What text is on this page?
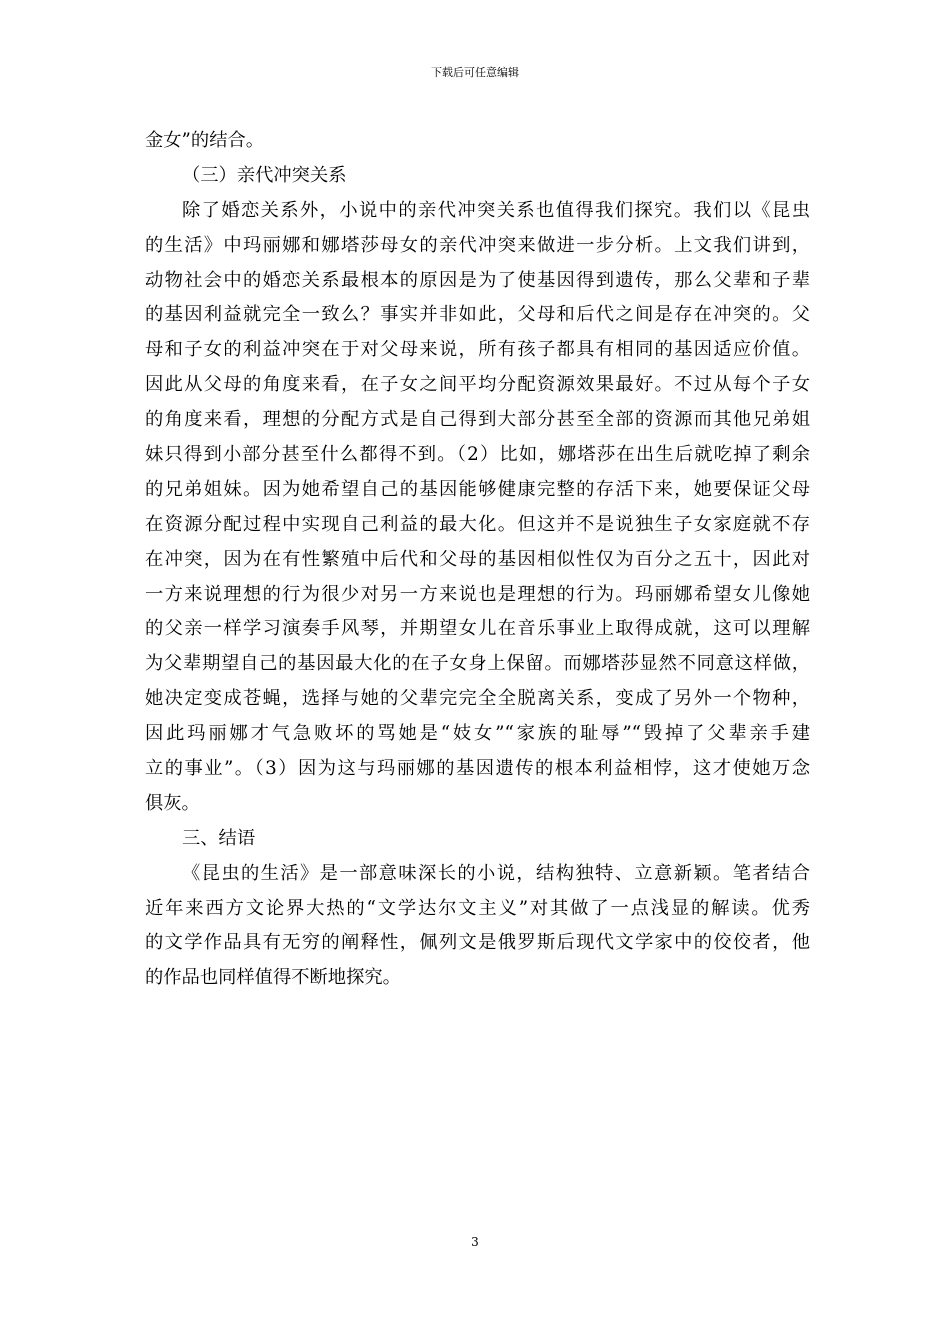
下载后可任意编辑
金女”的结合。
（三）亲代冲突关系
除了婚恋关系外，小说中的亲代冲突关系也值得我们探究。我们以《昆虫
的生活》中玛丽娜和娜塔莎母女的亲代冲突来做进一步分析。上文我们讲到，
动物社会中的婚恋关系最根本的原因是为了使基因得到遗传，那么父辈和子辈
的基因利益就完全一致么？事实并非如此，父母和后代之间是存在冲突的。父
母和子女的利益冲突在于对父母来说，所有孩子都具有相同的基因适应价值。
因此从父母的角度来看，在子女之间平均分配资源效果最好。不过从每个子女
的角度来看，理想的分配方式是自己得到大部分甚至全部的资源而其他兄弟姐
妹只得到小部分甚至什么都得不到。（2）比如，娜塔莎在出生后就吃掉了剩余
的兄弟姐妹。因为她希望自己的基因能够健康完整的存活下来，她要保证父母
在资源分配过程中实现自己利益的最大化。但这并不是说独生子女家庭就不存
在冲突，因为在有性繁殖中后代和父母的基因相似性仅为百分之五十，因此对
一方来说理想的行为很少对另一方来说也是理想的行为。玛丽娜希望女儿像她
的父亲一样学习演奏手风琴，并期望女儿在音乐事业上取得成就，这可以理解
为父辈期望自己的基因最大化的在子女身上保留。而娜塔莎显然不同意这样做，
她决定变成苍蝇，选择与她的父辈完完全全脱离关系，变成了另外一个物种，
因此玛丽娜才气急败坏的骂她是“妓女”“家族的耻辱”“毁掉了父辈亲手建
立的事业”。（3）因为这与玛丽娜的基因遗传的根本利益相悖，这才使她万念
俱灰。
三、结语
《昆虫的生活》是一部意味深长的小说，结构独特、立意新颖。笔者结合
近年来西方文论界大热的“文学达尔文主义”对其做了一点浅显的解读。优秀
的文学作品具有无穷的阐释性，佩列文是俄罗斯后现代文学家中的佼佼者，他
的作品也同样值得不断地探究。
3
